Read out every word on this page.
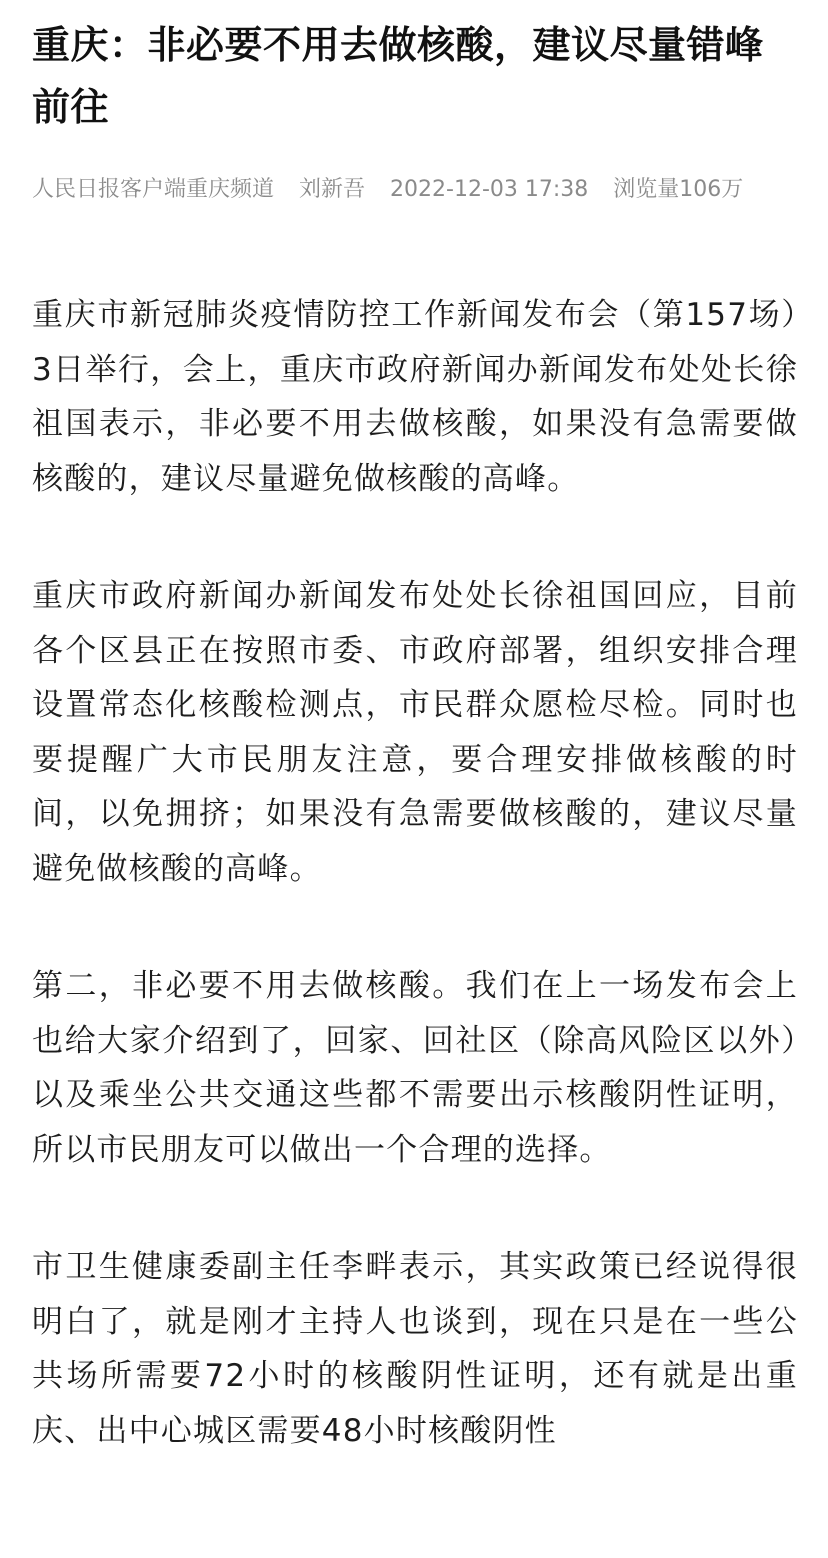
重庆：非必要不用去做核酸，建议尽量错峰前往
人民日报客户端重庆频道 刘新吾 2022-12-03 17:38 浏览量106万

重庆市新冠肺炎疫情防控工作新闻发布会（第157场）3日举行，会上，重庆市政府新闻办新闻发布处处长徐祖国表示，非必要不用去做核酸，如果没有急需要做核酸的，建议尽量避免做核酸的高峰。

重庆市政府新闻办新闻发布处处长徐祖国回应，目前各个区县正在按照市委、市政府部署，组织安排合理设置常态化核酸检测点，市民群众愿检尽检。同时也要提醒广大市民朋友注意，要合理安排做核酸的时间，以免拥挤；如果没有急需要做核酸的，建议尽量避免做核酸的高峰。

第二，非必要不用去做核酸。我们在上一场发布会上也给大家介绍到了，回家、回社区（除高风险区以外）以及乘坐公共交通这些都不需要出示核酸阴性证明，所以市民朋友可以做出一个合理的选择。

市卫生健康委副主任李畔表示，其实政策已经说得很明白了，就是刚才主持人也谈到，现在只是在一些公共场所需要72小时的核酸阴性证明，还有就是出重庆、出中心城区需要48小时核酸阴性
